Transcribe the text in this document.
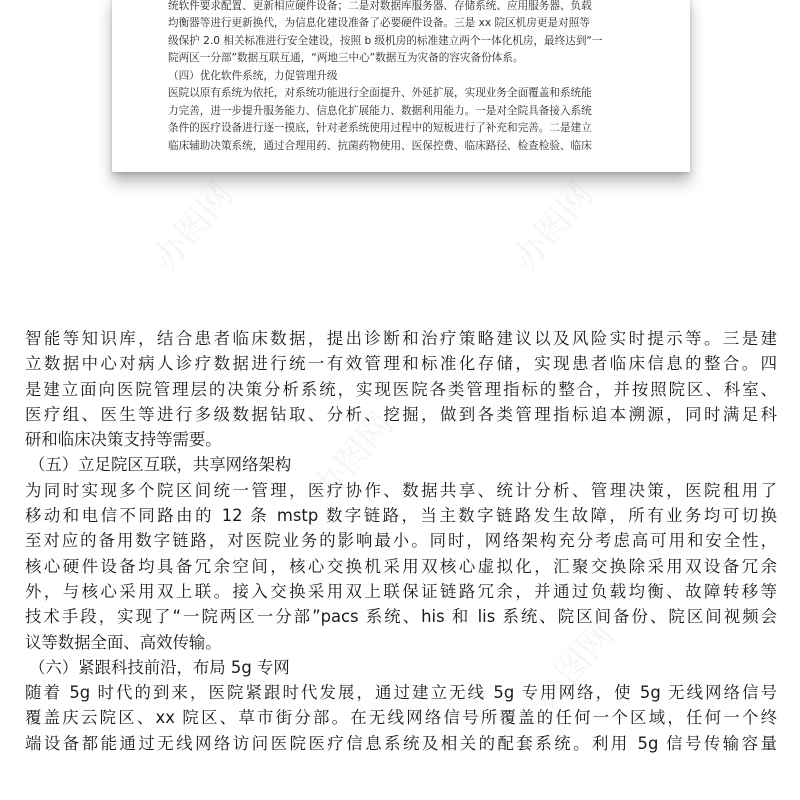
统软件要求配置、更新相应硬件设备；二是对数据库服务器、存储系统、应用服务器、负载
均衡器等进行更新换代，为信息化建设准备了必要硬件设备。三是 xx 院区机房更是对照等
级保护 2.0 相关标准进行安全建设，按照 b 级机房的标准建立两个一体化机房，最终达到“一
院两区一分部”数据互联互通，“两地三中心”数据互为灾备的容灾备份体系。
（四）优化软件系统，力促管理升级
医院以原有系统为依托，对系统功能进行全面提升、外延扩展，实现业务全面覆盖和系统能
力完善，进一步提升服务能力、信息化扩展能力、数据利用能力。一是对全院具备接入系统
条件的医疗设备进行逐一摸底，针对老系统使用过程中的短板进行了补充和完善。二是建立
临床辅助决策系统，通过合理用药、抗菌药物使用、医保控费、临床路径、检查检验、临床
办图网	办图网
办图网
办图网
智能等知识库，结合患者临床数据，提出诊断和治疗策略建议以及风险实时提示等。三是建
立数据中心对病人诊疗数据进行统一有效管理和标准化存储，实现患者临床信息的整合。四
是建立面向医院管理层的决策分析系统，实现医院各类管理指标的整合，并按照院区、科室、
医疗组、医生等进行多级数据钻取、分析、挖掘，做到各类管理指标追本溯源，同时满足科
研和临床决策支持等需要。
（五）立足院区互联，共享网络架构
为同时实现多个院区间统一管理，医疗协作、数据共享、统计分析、管理决策，医院租用了
移动和电信不同路由的 12 条 mstp 数字链路，当主数字链路发生故障，所有业务均可切换
至对应的备用数字链路，对医院业务的影响最小。同时，网络架构充分考虑高可用和安全性，
核心硬件设备均具备冗余空间，核心交换机采用双核心虚拟化，汇聚交换除采用双设备冗余
外，与核心采用双上联。接入交换采用双上联保证链路冗余，并通过负载均衡、故障转移等
技术手段，实现了“一院两区一分部”pacs 系统、his 和 lis 系统、院区间备份、院区间视频会
议等数据全面、高效传输。
（六）紧跟科技前沿，布局 5g 专网
随着 5g 时代的到来，医院紧跟时代发展，通过建立无线 5g 专用网络，使 5g 无线网络信号
覆盖庆云院区、xx 院区、草市街分部。在无线网络信号所覆盖的任何一个区域，任何一个终
端设备都能通过无线网络访问医院医疗信息系统及相关的配套系统。利用 5g 信号传输容量
